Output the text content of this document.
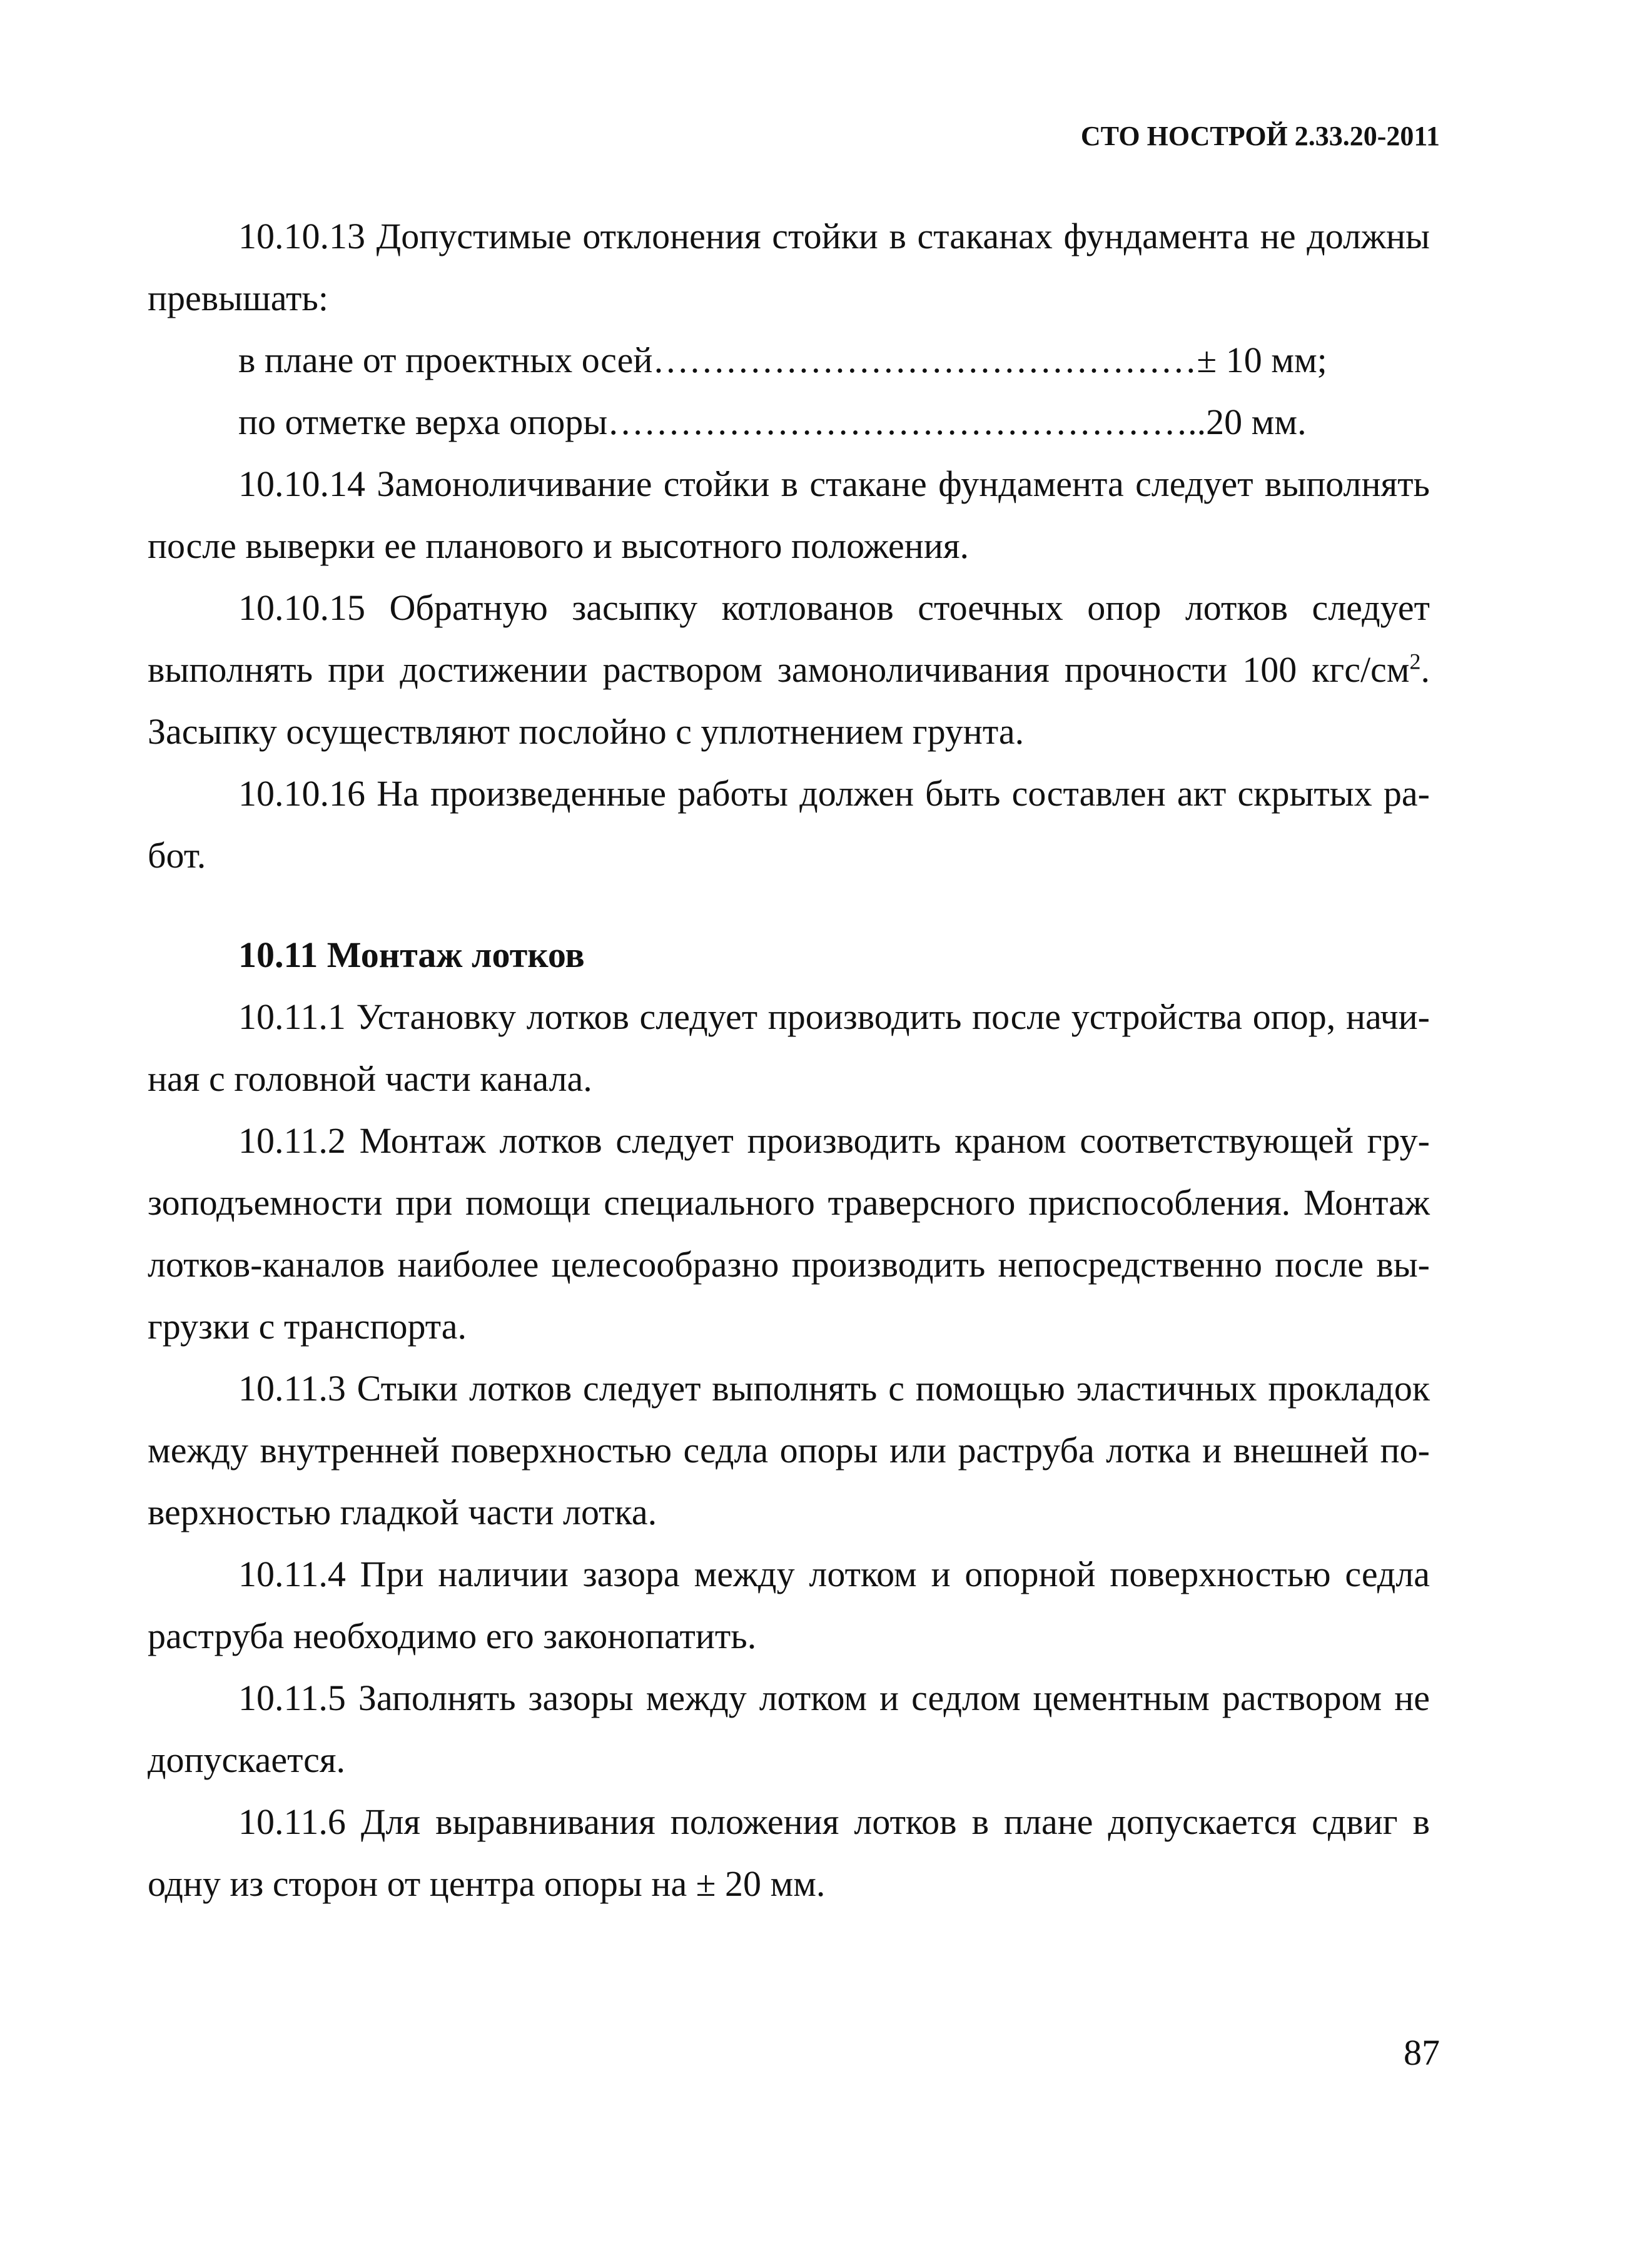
СТО НОСТРОЙ 2.33.20-2011

10.10.13 Допустимые отклонения стойки в стаканах фундамента не должны превышать:

в плане от проектных осей………………………………………± 10 мм;

по отметке верха опоры…………………………………………..20 мм.

10.10.14 Замоноличивание стойки в стакане фундамента следует выполнять после выверки ее планового и высотного положения.

10.10.15 Обратную засыпку котлованов стоечных опор лотков следует выполнять при достижении раствором замоноличивания прочности 100 кгс/$см^2$. Засыпку осуществляют послойно с уплотнением грунта.

10.10.16 На произведенные работы должен быть составлен акт скрытых работ.

10.11 Монтаж лотков

10.11.1 Установку лотков следует производить после устройства опор, начиная с головной части канала.

10.11.2 Монтаж лотков следует производить краном соответствующей грузоподъемности при помощи специального траверсного приспособления. Монтаж лотков-каналов наиболее целесообразно производить непосредственно после выгрузки с транспорта.

10.11.3 Стыки лотков следует выполнять с помощью эластичных прокладок между внутренней поверхностью седла опоры или раструба лотка и внешней поверхностью гладкой части лотка.

10.11.4 При наличии зазора между лотком и опорной поверхностью седла раструба необходимо его законопатить.

10.11.5 Заполнять зазоры между лотком и седлом цементным раствором не допускается.

10.11.6 Для выравнивания положения лотков в плане допускается сдвиг в одну из сторон от центра опоры на ± 20 мм.

87
